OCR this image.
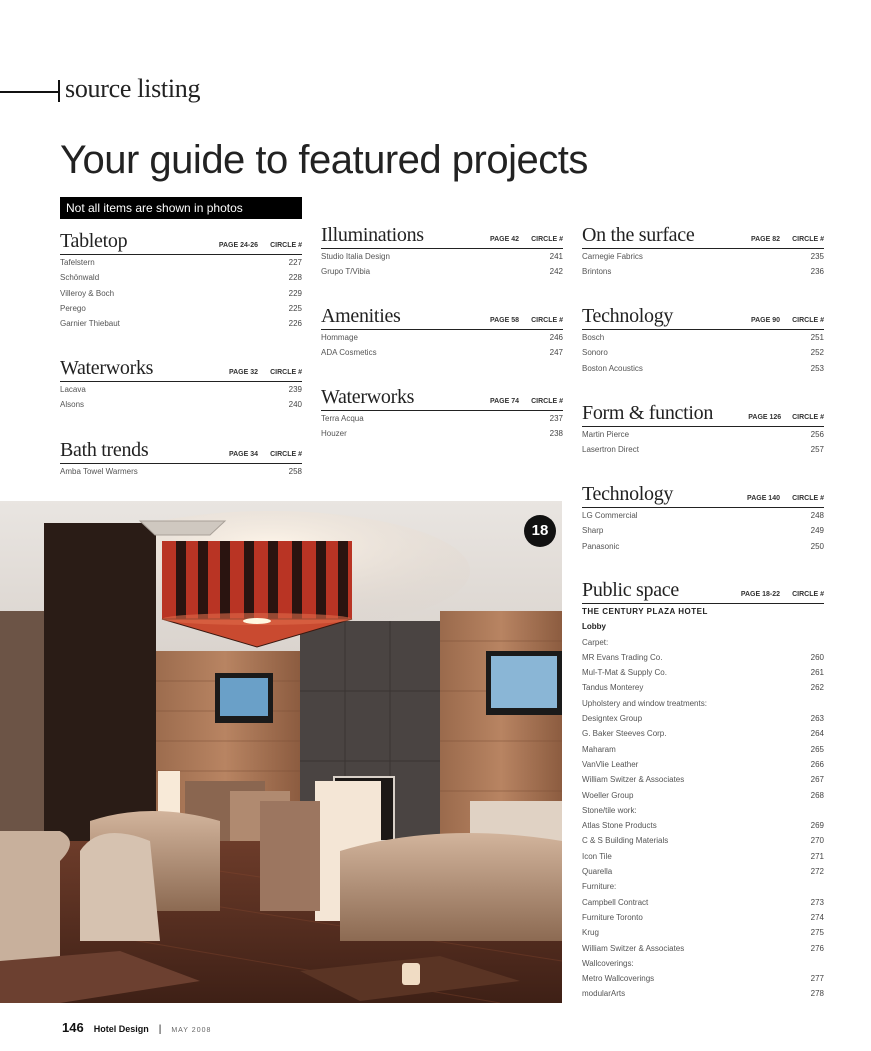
source listing
Your guide to featured projects
Not all items are shown in photos
Tabletop	PAGE 24-26	CIRCLE #
Tafelstern	227
Schönwald	228
Villeroy & Boch	229
Perego	225
Garnier Thiebaut	226
Waterworks	PAGE 32	CIRCLE #
Lacava	239
Alsons	240
Bath trends	PAGE 34	CIRCLE #
Amba Towel Warmers	258
Illuminations	PAGE 42	CIRCLE #
Studio Italia Design	241
Grupo T/Vibia	242
Amenities	PAGE 58	CIRCLE #
Hommage	246
ADA Cosmetics	247
Waterworks	PAGE 74	CIRCLE #
Terra Acqua	237
Houzer	238
On the surface	PAGE 82	CIRCLE #
Carnegie Fabrics	235
Brintons	236
Technology	PAGE 90	CIRCLE #
Bosch	251
Sonoro	252
Boston Acoustics	253
Form & function	PAGE 126	CIRCLE #
Martin Pierce	256
Lasertron Direct	257
Technology	PAGE 140	CIRCLE #
LG Commercial	248
Sharp	249
Panasonic	250
Public space	PAGE 18-22	CIRCLE #
THE CENTURY PLAZA HOTEL
Lobby
Carpet:
MR Evans Trading Co.	260
Mul-T-Mat & Supply Co.	261
Tandus Monterey	262
Upholstery and window treatments:
Designtex Group	263
G. Baker Steeves Corp.	264
Maharam	265
VanVlie Leather	266
William Switzer & Associates	267
Woeller Group	268
Stone/tile work:
Atlas Stone Products	269
C & S Building Materials	270
Icon Tile	271
Quarella	272
Furniture:
Campbell Contract	273
Furniture Toronto	274
Krug	275
William Switzer & Associates	276
Wallcoverings:
Metro Wallcoverings	277
modularArts	278
18
146 Hotel Design | MAY 2008
